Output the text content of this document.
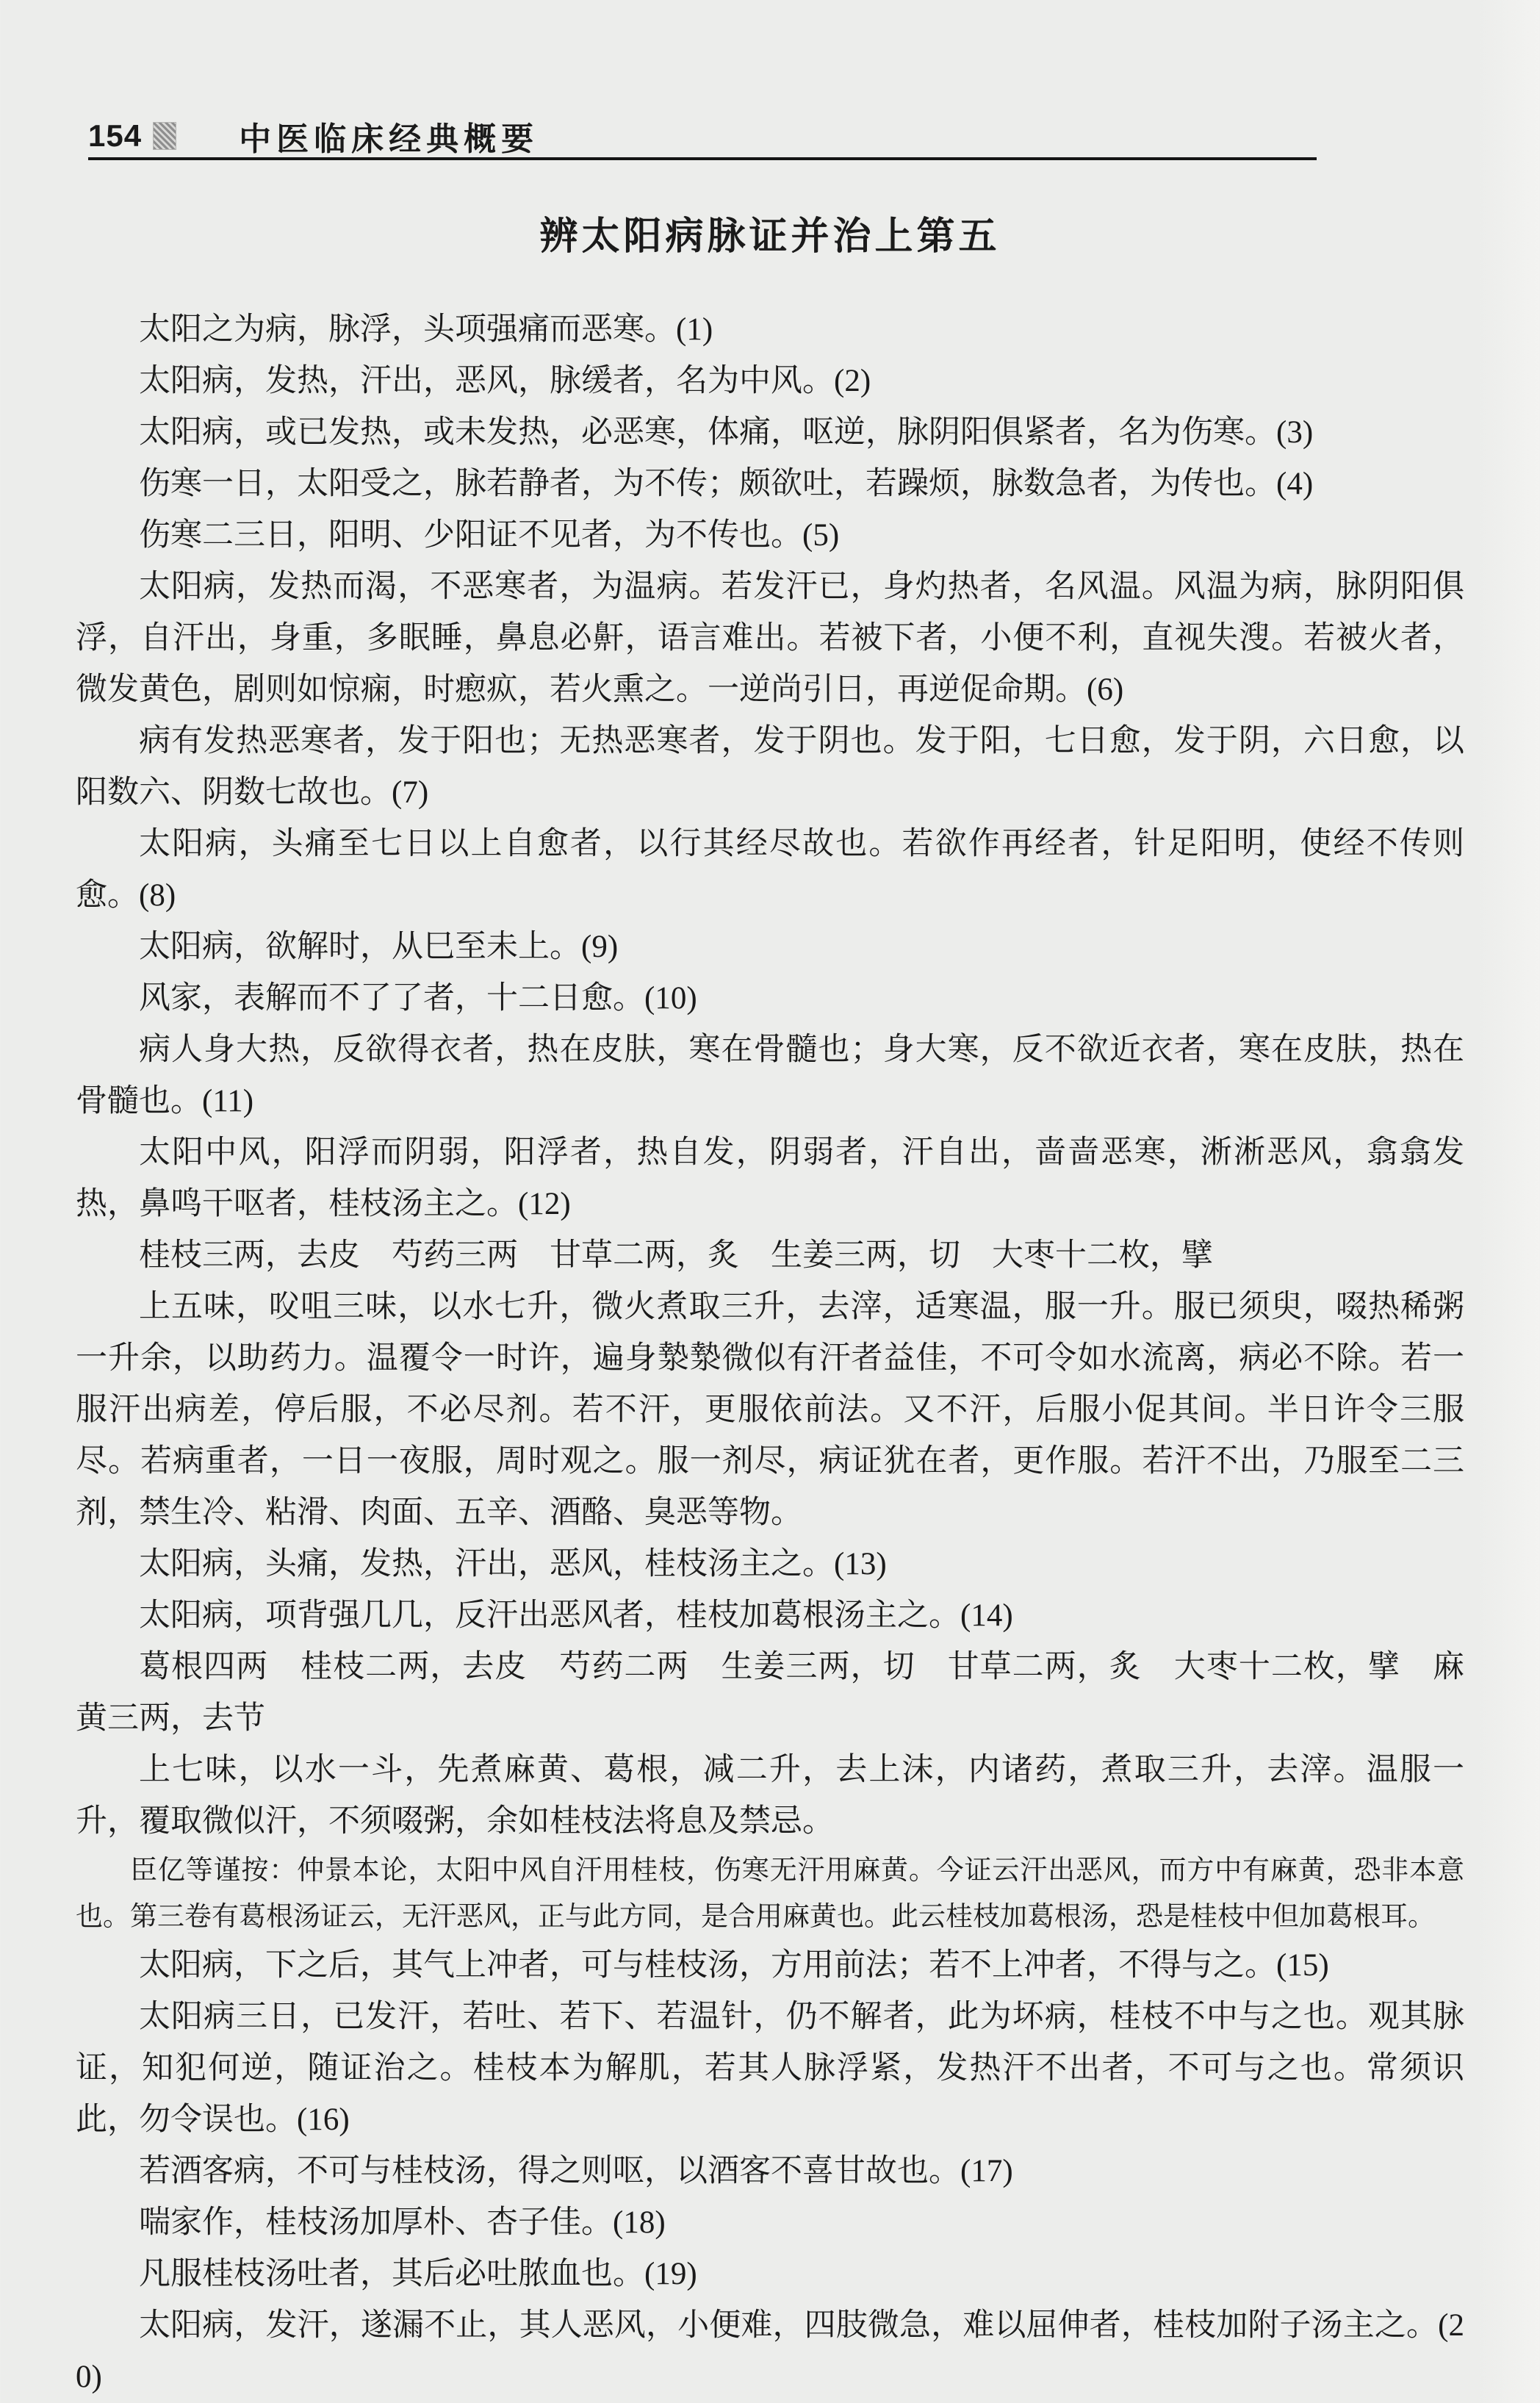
154	中医临床经典概要
辨太阳病脉证并治上第五

太阳之为病，脉浮，头项强痛而恶寒。(1)

太阳病，发热，汗出，恶风，脉缓者，名为中风。(2)

太阳病，或已发热，或未发热，必恶寒，体痛，呕逆，脉阴阳俱紧者，名为伤寒。(3)

伤寒一日，太阳受之，脉若静者，为不传；颇欲吐，若躁烦，脉数急者，为传也。(4)

伤寒二三日，阳明、少阳证不见者，为不传也。(5)

太阳病，发热而渴，不恶寒者，为温病。若发汗已，身灼热者，名风温。风温为病，脉阴阳俱浮，自汗出，身重，多眠睡，鼻息必鼾，语言难出。若被下者，小便不利，直视失溲。若被火者，微发黄色，剧则如惊痫，时瘛疭，若火熏之。一逆尚引日，再逆促命期。(6)

病有发热恶寒者，发于阳也；无热恶寒者，发于阴也。发于阳，七日愈，发于阴，六日愈，以阳数六、阴数七故也。(7)

太阳病，头痛至七日以上自愈者，以行其经尽故也。若欲作再经者，针足阳明，使经不传则愈。(8)

太阳病，欲解时，从巳至未上。(9)

风家，表解而不了了者，十二日愈。(10)

病人身大热，反欲得衣者，热在皮肤，寒在骨髓也；身大寒，反不欲近衣者，寒在皮肤，热在骨髓也。(11)

太阳中风，阳浮而阴弱，阳浮者，热自发，阴弱者，汗自出，啬啬恶寒，淅淅恶风，翕翕发热，鼻鸣干呕者，桂枝汤主之。(12)

桂枝三两，去皮　芍药三两　甘草二两，炙　生姜三两，切　大枣十二枚，擘

上五味，㕮咀三味，以水七升，微火煮取三升，去滓，适寒温，服一升。服已须臾，啜热稀粥一升余，以助药力。温覆令一时许，遍身漐漐微似有汗者益佳，不可令如水流离，病必不除。若一服汗出病差，停后服，不必尽剂。若不汗，更服依前法。又不汗，后服小促其间。半日许令三服尽。若病重者，一日一夜服，周时观之。服一剂尽，病证犹在者，更作服。若汗不出，乃服至二三剂，禁生冷、粘滑、肉面、五辛、酒酪、臭恶等物。

太阳病，头痛，发热，汗出，恶风，桂枝汤主之。(13)

太阳病，项背强几几，反汗出恶风者，桂枝加葛根汤主之。(14)

葛根四两　桂枝二两，去皮　芍药二两　生姜三两，切　甘草二两，炙　大枣十二枚，擘　麻黄三两，去节

上七味，以水一斗，先煮麻黄、葛根，减二升，去上沫，内诸药，煮取三升，去滓。温服一升，覆取微似汗，不须啜粥，余如桂枝法将息及禁忌。

臣亿等谨按：仲景本论，太阳中风自汗用桂枝，伤寒无汗用麻黄。今证云汗出恶风，而方中有麻黄，恐非本意也。第三卷有葛根汤证云，无汗恶风，正与此方同，是合用麻黄也。此云桂枝加葛根汤，恐是桂枝中但加葛根耳。

太阳病，下之后，其气上冲者，可与桂枝汤，方用前法；若不上冲者，不得与之。(15)

太阳病三日，已发汗，若吐、若下、若温针，仍不解者，此为坏病，桂枝不中与之也。观其脉证，知犯何逆，随证治之。桂枝本为解肌，若其人脉浮紧，发热汗不出者，不可与之也。常须识此，勿令误也。(16)

若酒客病，不可与桂枝汤，得之则呕，以酒客不喜甘故也。(17)

喘家作，桂枝汤加厚朴、杏子佳。(18)

凡服桂枝汤吐者，其后必吐脓血也。(19)

太阳病，发汗，遂漏不止，其人恶风，小便难，四肢微急，难以屈伸者，桂枝加附子汤主之。(20)
